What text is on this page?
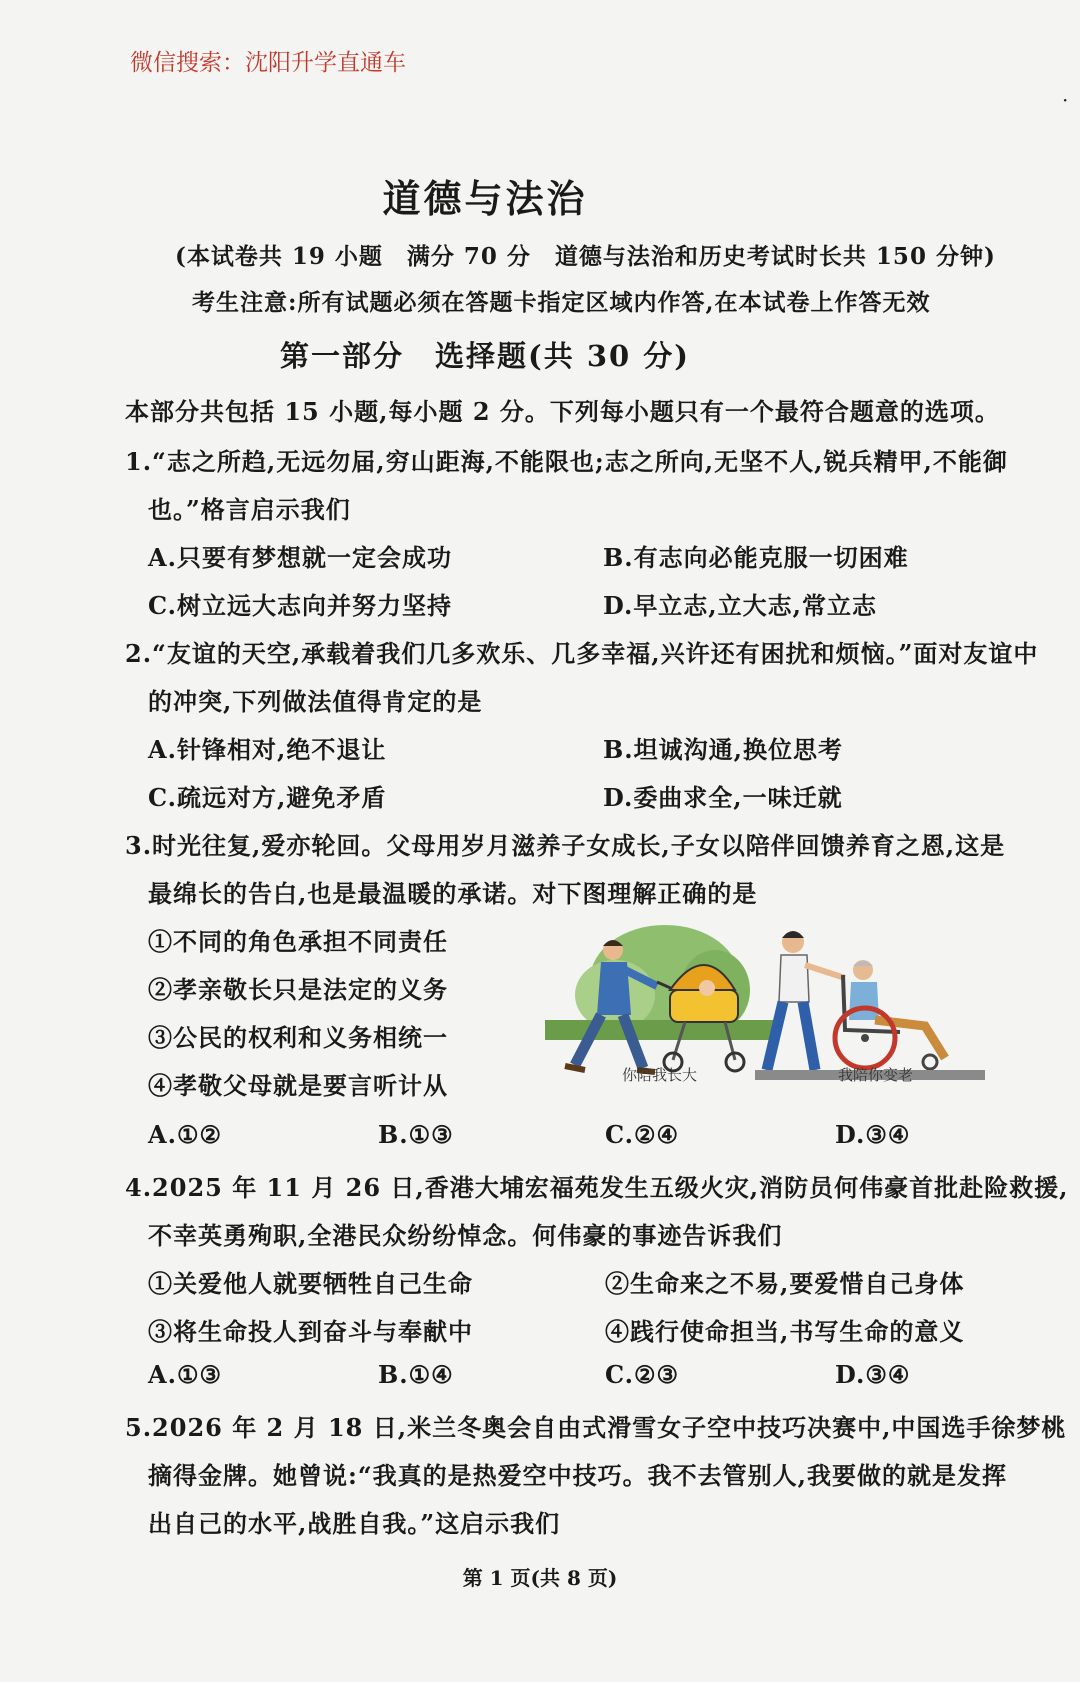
微信搜索：沈阳升学直通车
·
道德与法治
(本试卷共 19 小题　满分 70 分　道德与法治和历史考试时长共 150 分钟)
考生注意:所有试题必须在答题卡指定区域内作答,在本试卷上作答无效
第一部分　选择题(共 30 分)
本部分共包括 15 小题,每小题 2 分。下列每小题只有一个最符合题意的选项。
1.“志之所趋,无远勿届,穷山距海,不能限也;志之所向,无坚不人,锐兵精甲,不能御
也。”格言启示我们
A.只要有梦想就一定会成功	B.有志向必能克服一切困难
C.树立远大志向并努力坚持	D.早立志,立大志,常立志
2.“友谊的天空,承载着我们几多欢乐、几多幸福,兴许还有困扰和烦恼。”面对友谊中
的冲突,下列做法值得肯定的是
A.针锋相对,绝不退让	B.坦诚沟通,换位思考
C.疏远对方,避免矛盾	D.委曲求全,一味迁就
3.时光往复,爱亦轮回。父母用岁月滋养子女成长,子女以陪伴回馈养育之恩,这是
最绵长的告白,也是最温暖的承诺。对下图理解正确的是
①不同的角色承担不同责任
②孝亲敬长只是法定的义务
③公民的权利和义务相统一
④孝敬父母就是要言听计从	你陪我长大	我陪你变老
A.①②	B.①③	C.②④	D.③④
4.2025 年 11 月 26 日,香港大埔宏福苑发生五级火灾,消防员何伟豪首批赴险救援,
不幸英勇殉职,全港民众纷纷悼念。何伟豪的事迹告诉我们
①关爱他人就要牺牲自己生命	②生命来之不易,要爱惜自己身体
③将生命投人到奋斗与奉献中	④践行使命担当,书写生命的意义
A.①③	B.①④	C.②③	D.③④
5.2026 年 2 月 18 日,米兰冬奥会自由式滑雪女子空中技巧决赛中,中国选手徐梦桃
摘得金牌。她曾说:“我真的是热爱空中技巧。我不去管别人,我要做的就是发挥
出自己的水平,战胜自我。”这启示我们
第 1 页(共 8 页)
